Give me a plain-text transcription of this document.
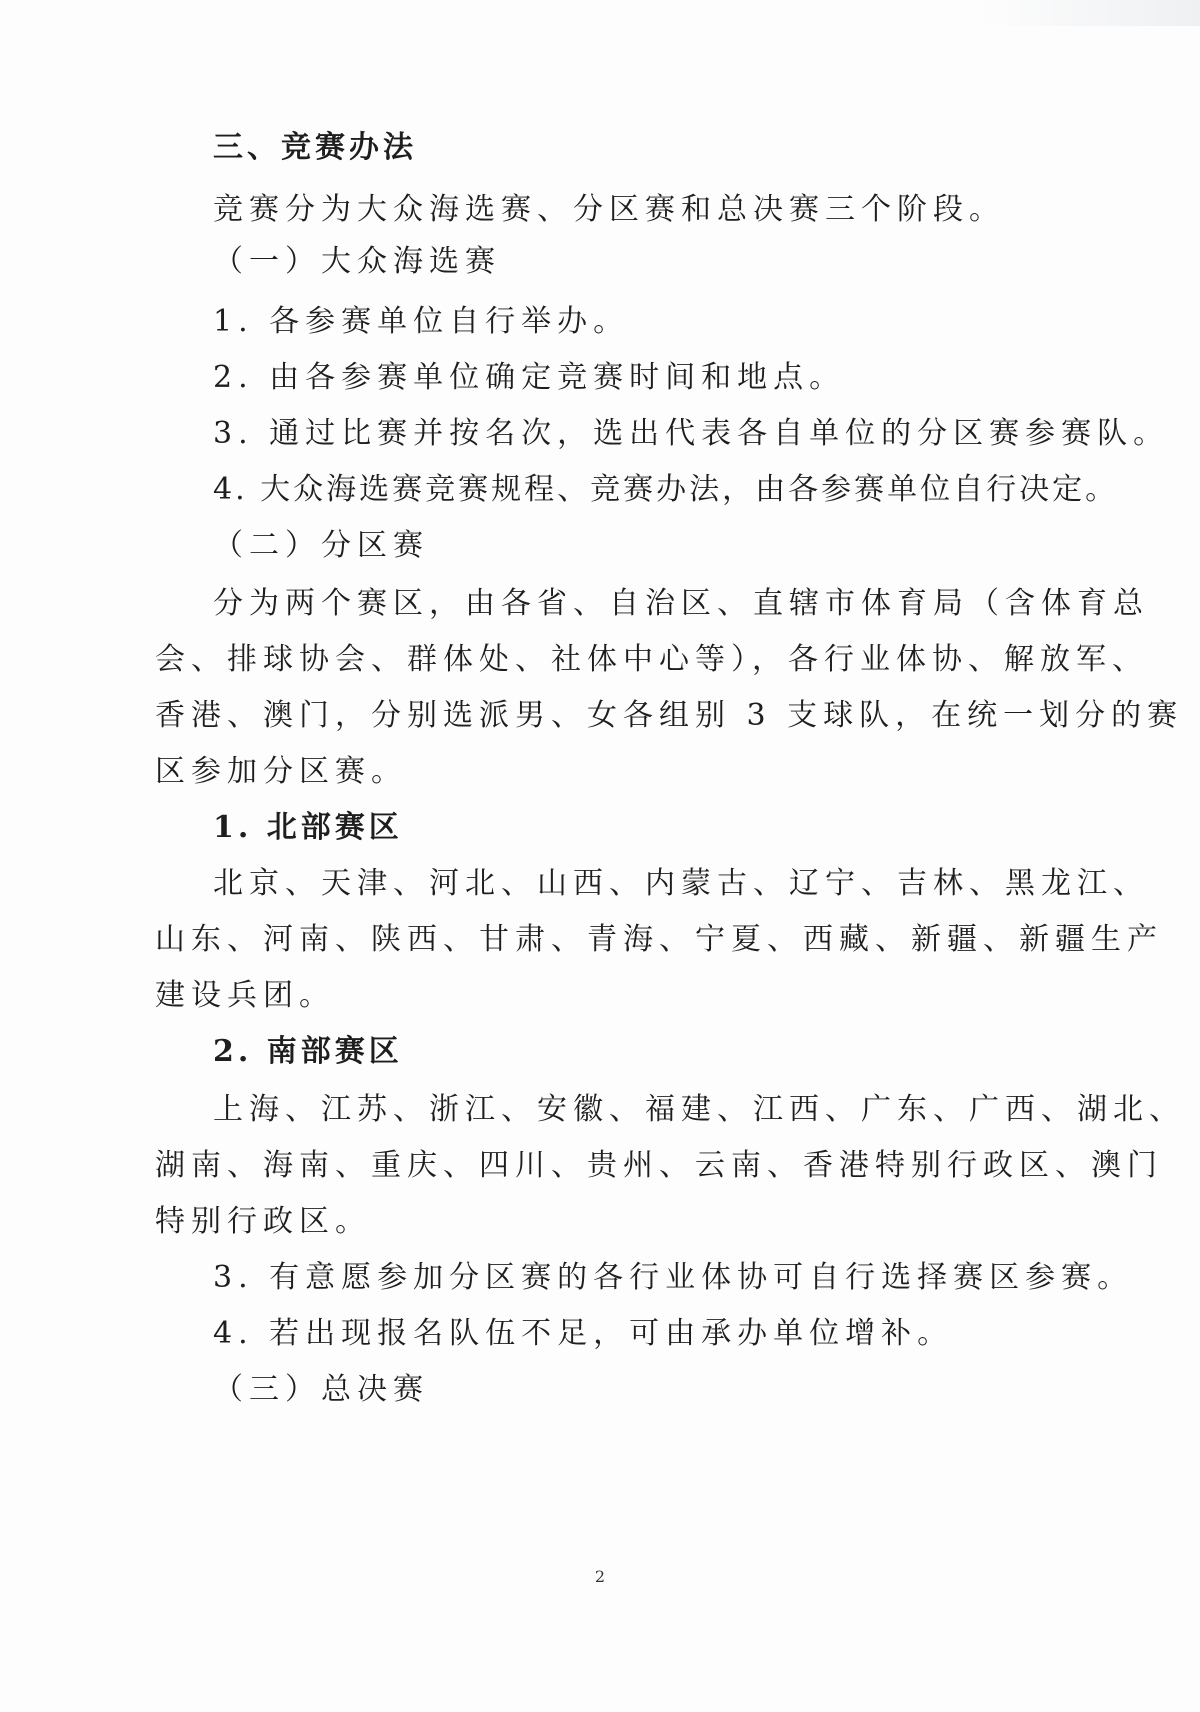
三、竞赛办法
竞赛分为大众海选赛、分区赛和总决赛三个阶段。
（一）大众海选赛
1. 各参赛单位自行举办。
2. 由各参赛单位确定竞赛时间和地点。
3. 通过比赛并按名次，选出代表各自单位的分区赛参赛队。
4. 大众海选赛竞赛规程、竞赛办法，由各参赛单位自行决定。
（二）分区赛
分为两个赛区，由各省、自治区、直辖市体育局（含体育总
会、排球协会、群体处、社体中心等），各行业体协、解放军、
香港、澳门，分别选派男、女各组别 3 支球队，在统一划分的赛
区参加分区赛。
1. 北部赛区
北京、天津、河北、山西、内蒙古、辽宁、吉林、黑龙江、
山东、河南、陕西、甘肃、青海、宁夏、西藏、新疆、新疆生产
建设兵团。
2. 南部赛区
上海、江苏、浙江、安徽、福建、江西、广东、广西、湖北、
湖南、海南、重庆、四川、贵州、云南、香港特别行政区、澳门
特别行政区。
3. 有意愿参加分区赛的各行业体协可自行选择赛区参赛。
4. 若出现报名队伍不足，可由承办单位增补。
（三）总决赛
2
